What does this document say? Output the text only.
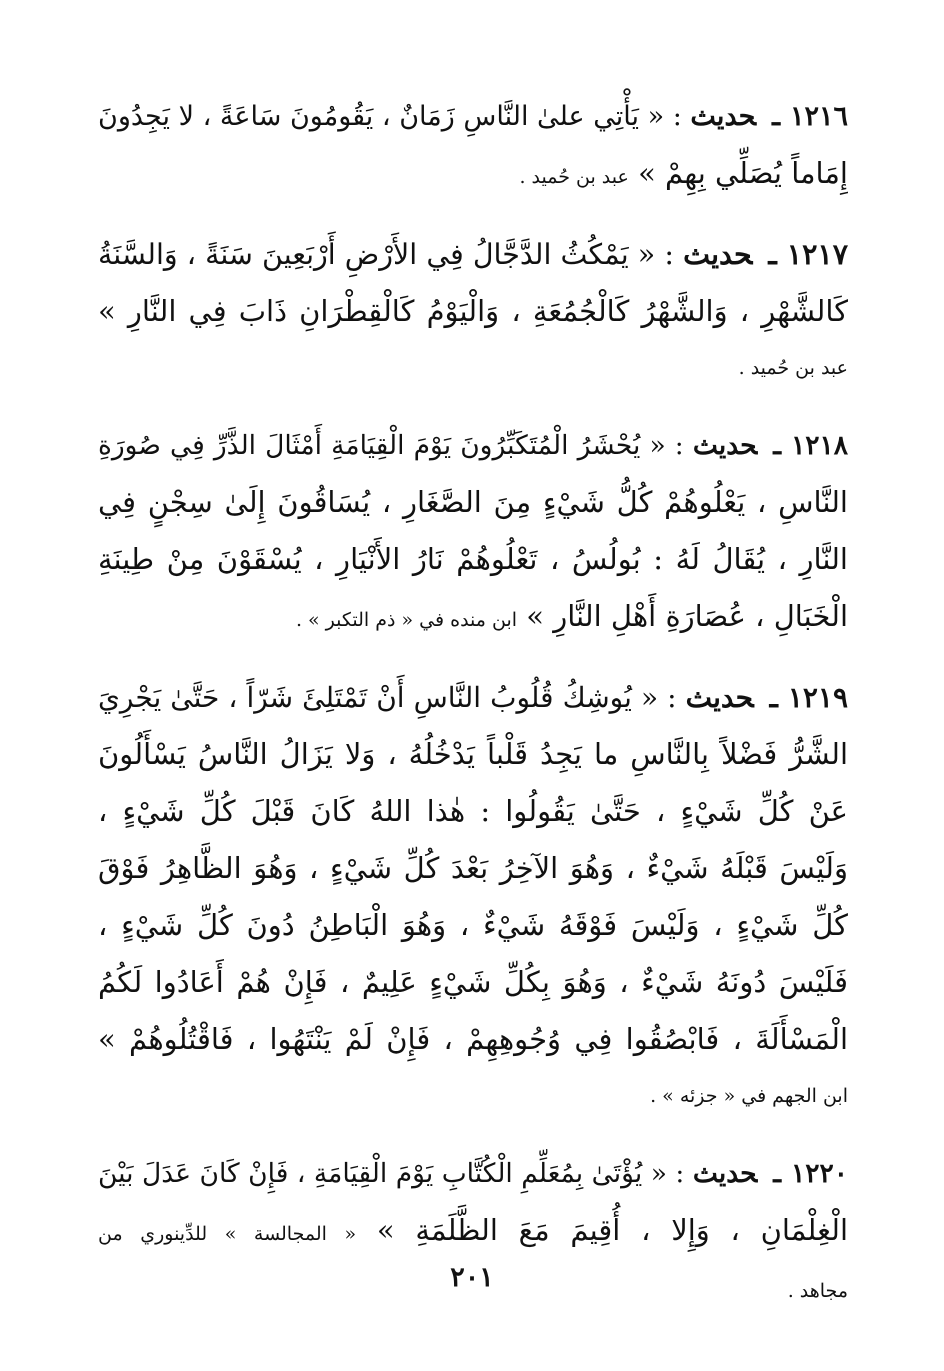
١٢١٦ـحديث : « يَأْتِي علىٰ النَّاسِ زَمَانٌ ، يَقُومُونَ سَاعَةً ، لا يَجِدُونَ
إِمَاماً يُصَلِّي بِهِمْ » عبد بن حُميد .
١٢١٧ـحديث : « يَمْكُثُ الدَّجَّالُ فِي الأَرْضِ أَرْبَعِينَ سَنَةً ، وَالسَّنَةُ
كَالشَّهْرِ ، وَالشَّهْرُ كَالْجُمُعَةِ ، وَالْيَوْمُ كَالْقِطْرَانِ ذَابَ فِي النَّارِ »
عبد بن حُميد .
١٢١٨ـحديث : « يُحْشَرُ الْمُتَكَبِّرُونَ يَوْمَ الْقِيَامَةِ أَمْثَالَ الذَّرِّ فِي صُورَةِ
النَّاسِ ، يَعْلُوهُمْ كُلُّ شَيْءٍ مِنَ الصَّغَارِ ، يُسَاقُونَ إِلَىٰ سِجْنٍ فِي
النَّارِ ، يُقَالُ لَهُ : بُولُسُ ، تَعْلُوهُمْ نَارُ الأَنْيَارِ ، يُسْقَوْنَ مِنْ طِينَةِ
الْخَبَالِ ، عُصَارَةِ أَهْلِ النَّارِ » ابن منده في « ذم التكبر » .
١٢١٩ـحديث : « يُوشِكُ قُلُوبُ النَّاسِ أَنْ تَمْتَلِئَ شَرّاً ، حَتَّىٰ يَجْرِيَ
الشَّرُّ فَضْلاً بِالنَّاسِ ما يَجِدُ قَلْباً يَدْخُلُهُ ، وَلا يَزَالُ النَّاسُ يَسْأَلُونَ
عَنْ كُلِّ شَيْءٍ ، حَتَّىٰ يَقُولُوا : هٰذا اللهُ كَانَ قَبْلَ كُلِّ شَيْءٍ ،
وَلَيْسَ قَبْلَهُ شَيْءٌ ، وَهُوَ الآخِرُ بَعْدَ كُلِّ شَيْءٍ ، وَهُوَ الظَّاهِرُ فَوْقَ
كُلِّ شَيْءٍ ، وَلَيْسَ فَوْقَهُ شَيْءٌ ، وَهُوَ الْبَاطِنُ دُونَ كُلِّ شَيْءٍ ،
فَلَيْسَ دُونَهُ شَيْءٌ ، وَهُوَ بِكُلِّ شَيْءٍ عَلِيمٌ ، فَإِنْ هُمْ أَعَادُوا لَكُمُ
الْمَسْأَلَةَ ، فَابْصُقُوا فِي وُجُوهِهِمْ ، فَإِنْ لَمْ يَنْتَهُوا ، فَاقْتُلُوهُمْ »
ابن الجهم في « جزئه » .
١٢٢٠ـحديث : « يُؤْتَىٰ بِمُعَلِّمِ الْكُتَّابِ يَوْمَ الْقِيَامَةِ ، فَإِنْ كَانَ عَدَلَ بَيْنَ
الْغِلْمَانِ ، وَإِلا ، أُقِيمَ مَعَ الظَّلَمَةِ » « المجالسة » للدِّينوري من
مجاهد .
٢٠١
